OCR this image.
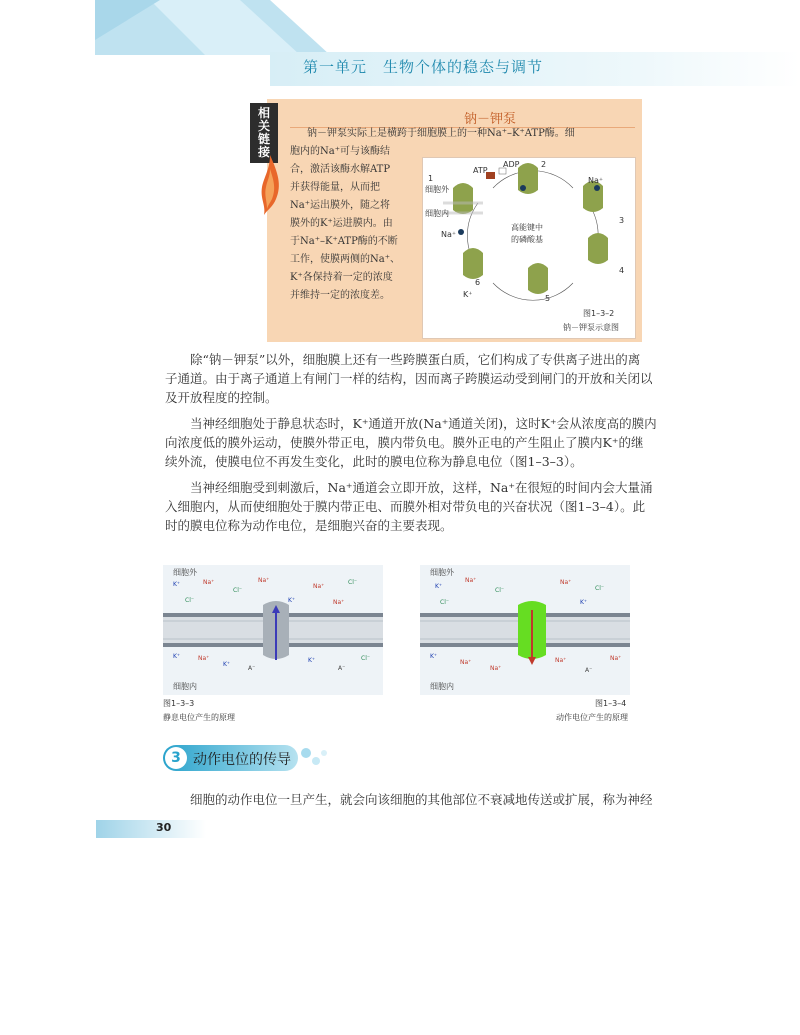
第一单元　生物个体的稳态与调节
相
关
链
接
钠－钾泵
钠－钾泵实际上是横跨于细胞膜上的一种Na⁺–K⁺ATP酶。细
胞内的Na⁺可与该酶结
合，激活该酶水解ATP
并获得能量，从而把
Na⁺运出膜外，随之将
膜外的K⁺运进膜内。由
于Na⁺–K⁺ATP酶的不断
工作，使膜两侧的Na⁺、
K⁺各保持着一定的浓度
并维持一定的浓度差。
ATP
ADP
细胞外
细胞内
Na⁺
Na⁺
K⁺
高能键中
的磷酸基
1
2
3
4
5
6
图1–3–2
钠－钾泵示意图
　　除“钠－钾泵”以外，细胞膜上还有一些跨膜蛋白质，它们构成了专供离子进出的离
子通道。由于离子通道上有闸门一样的结构，因而离子跨膜运动受到闸门的开放和关闭以
及开放程度的控制。
　　当神经细胞处于静息状态时，K⁺通道开放(Na⁺通道关闭)，这时K⁺会从浓度高的膜内
向浓度低的膜外运动，使膜外带正电，膜内带负电。膜外正电的产生阻止了膜内K⁺的继
续外流，使膜电位不再发生变化，此时的膜电位称为静息电位（图1–3–3）。
　　当神经细胞受到刺激后，Na⁺通道会立即开放，这样，Na⁺在很短的时间内会大量涌
入细胞内，从而使细胞处于膜内带正电、而膜外相对带负电的兴奋状况（图1–3–4）。此
时的膜电位称为动作电位，是细胞兴奋的主要表现。
细胞外
细胞内
K⁺	Na⁺
Cl⁻
Na⁺
Na⁺
Cl⁻
Cl⁻	K⁺	Na⁺
K⁺	Na⁺
K⁺
A⁻
K⁺
A⁻
Cl⁻
图1–3–3
静息电位产生的原理
细胞外
细胞内
K⁺
Na⁺
Cl⁻
Na⁺
Cl⁻
Cl⁻	K⁺
K⁺
Na⁺
Na⁺
Na⁺
A⁻
Na⁺
图1–3–4
动作电位产生的原理
3 动作电位的传导
　　细胞的动作电位一旦产生，就会向该细胞的其他部位不衰减地传送或扩展，称为神经
30
